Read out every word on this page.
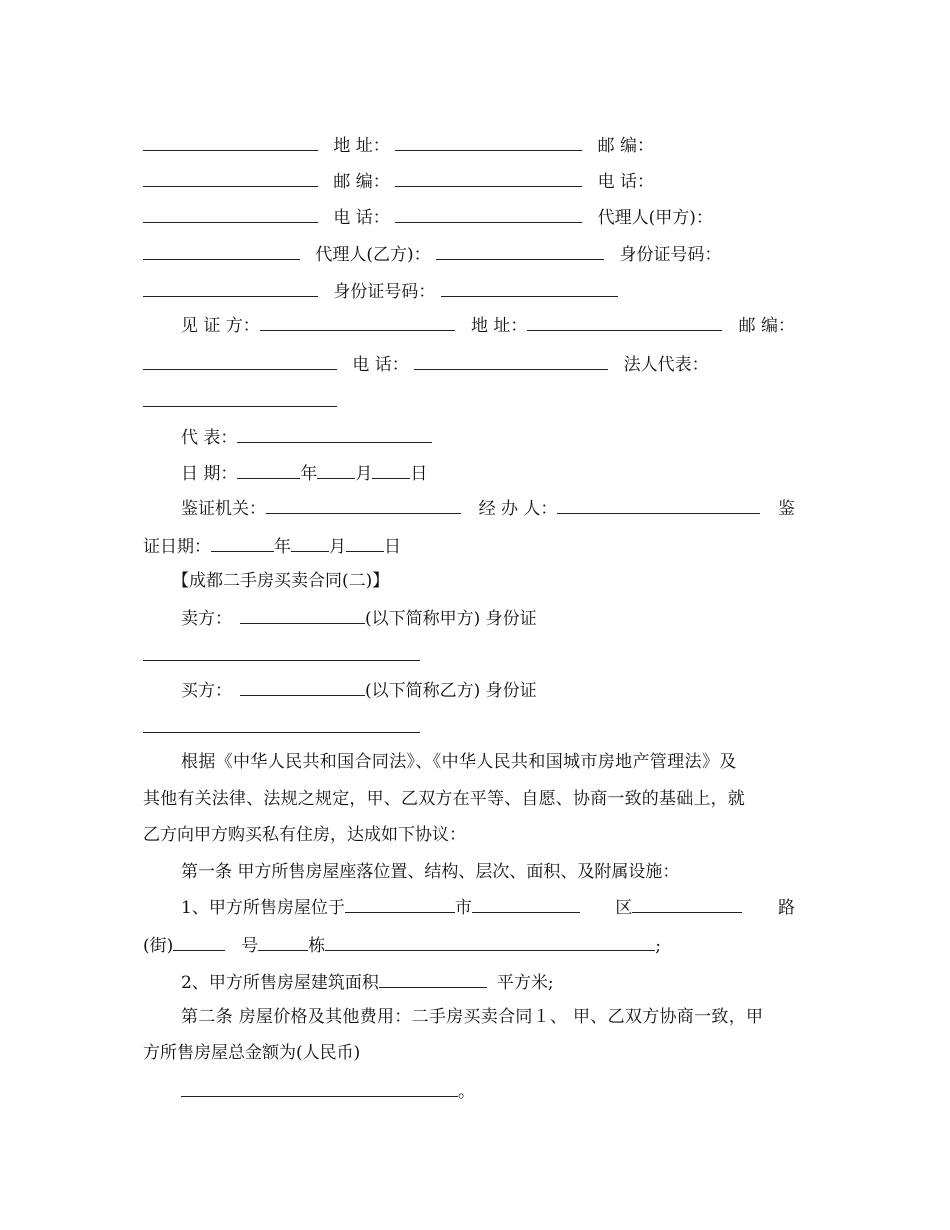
地 址：	邮 编：
邮 编：	电 话：
电 话：	代理人(甲方)：
代理人(乙方)：	身份证号码：
身份证号码：
见 证 方：	地 址：	邮 编：
电 话：	法人代表：
代 表：
日 期：	年 月 日
鉴证机关：	经 办 人：	鉴
证日期：	年 月 日
【成都二手房买卖合同(二)】
卖方：	(以下简称甲方) 身份证
买方：	(以下简称乙方) 身份证
根据《中华人民共和国合同法》、《中华人民共和国城市房地产管理法》及
其他有关法律、法规之规定，甲、乙双方在平等、自愿、协商一致的基础上，就
乙方向甲方购买私有住房，达成如下协议：
第一条 甲方所售房屋座落位置、结构、层次、面积、及附属设施：
1、甲方所售房屋位于	市	区	路
(街)	号	栋	;
2、甲方所售房屋建筑面积	平方米;
第二条 房屋价格及其他费用：二手房买卖合同１、 甲、乙双方协商一致，甲
方所售房屋总金额为(人民币)
。
